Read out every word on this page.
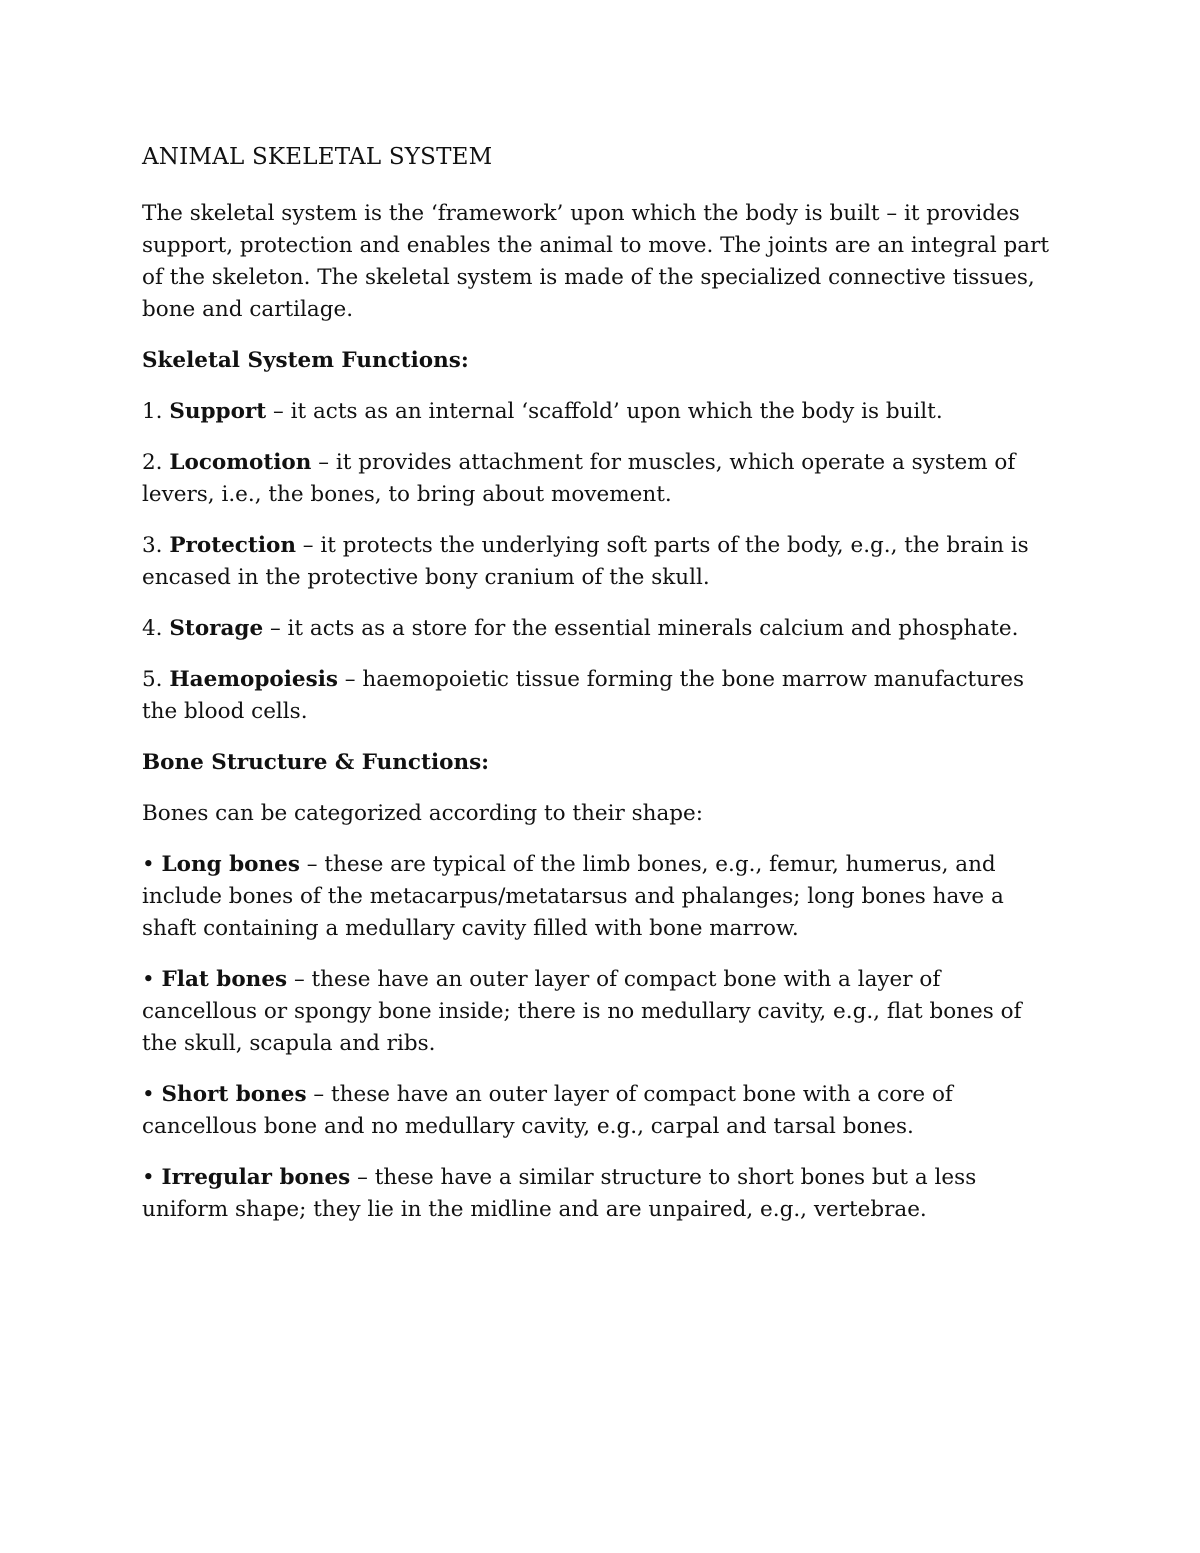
ANIMAL SKELETAL SYSTEM

The skeletal system is the ‘framework’ upon which the body is built – it provides support, protection and enables the animal to move. The joints are an integral part of the skeleton. The skeletal system is made of the specialized connective tissues, bone and cartilage.

Skeletal System Functions:

1. Support – it acts as an internal ‘scaffold’ upon which the body is built.

2. Locomotion – it provides attachment for muscles, which operate a system of levers, i.e., the bones, to bring about movement.

3. Protection – it protects the underlying soft parts of the body, e.g., the brain is encased in the protective bony cranium of the skull.

4. Storage – it acts as a store for the essential minerals calcium and phosphate.

5. Haemopoiesis – haemopoietic tissue forming the bone marrow manufactures the blood cells.

Bone Structure & Functions:

Bones can be categorized according to their shape:

• Long bones – these are typical of the limb bones, e.g., femur, humerus, and include bones of the metacarpus/metatarsus and phalanges; long bones have a shaft containing a medullary cavity filled with bone marrow.

• Flat bones – these have an outer layer of compact bone with a layer of cancellous or spongy bone inside; there is no medullary cavity, e.g., flat bones of the skull, scapula and ribs.

• Short bones – these have an outer layer of compact bone with a core of cancellous bone and no medullary cavity, e.g., carpal and tarsal bones.

• Irregular bones – these have a similar structure to short bones but a less uniform shape; they lie in the midline and are unpaired, e.g., vertebrae.
